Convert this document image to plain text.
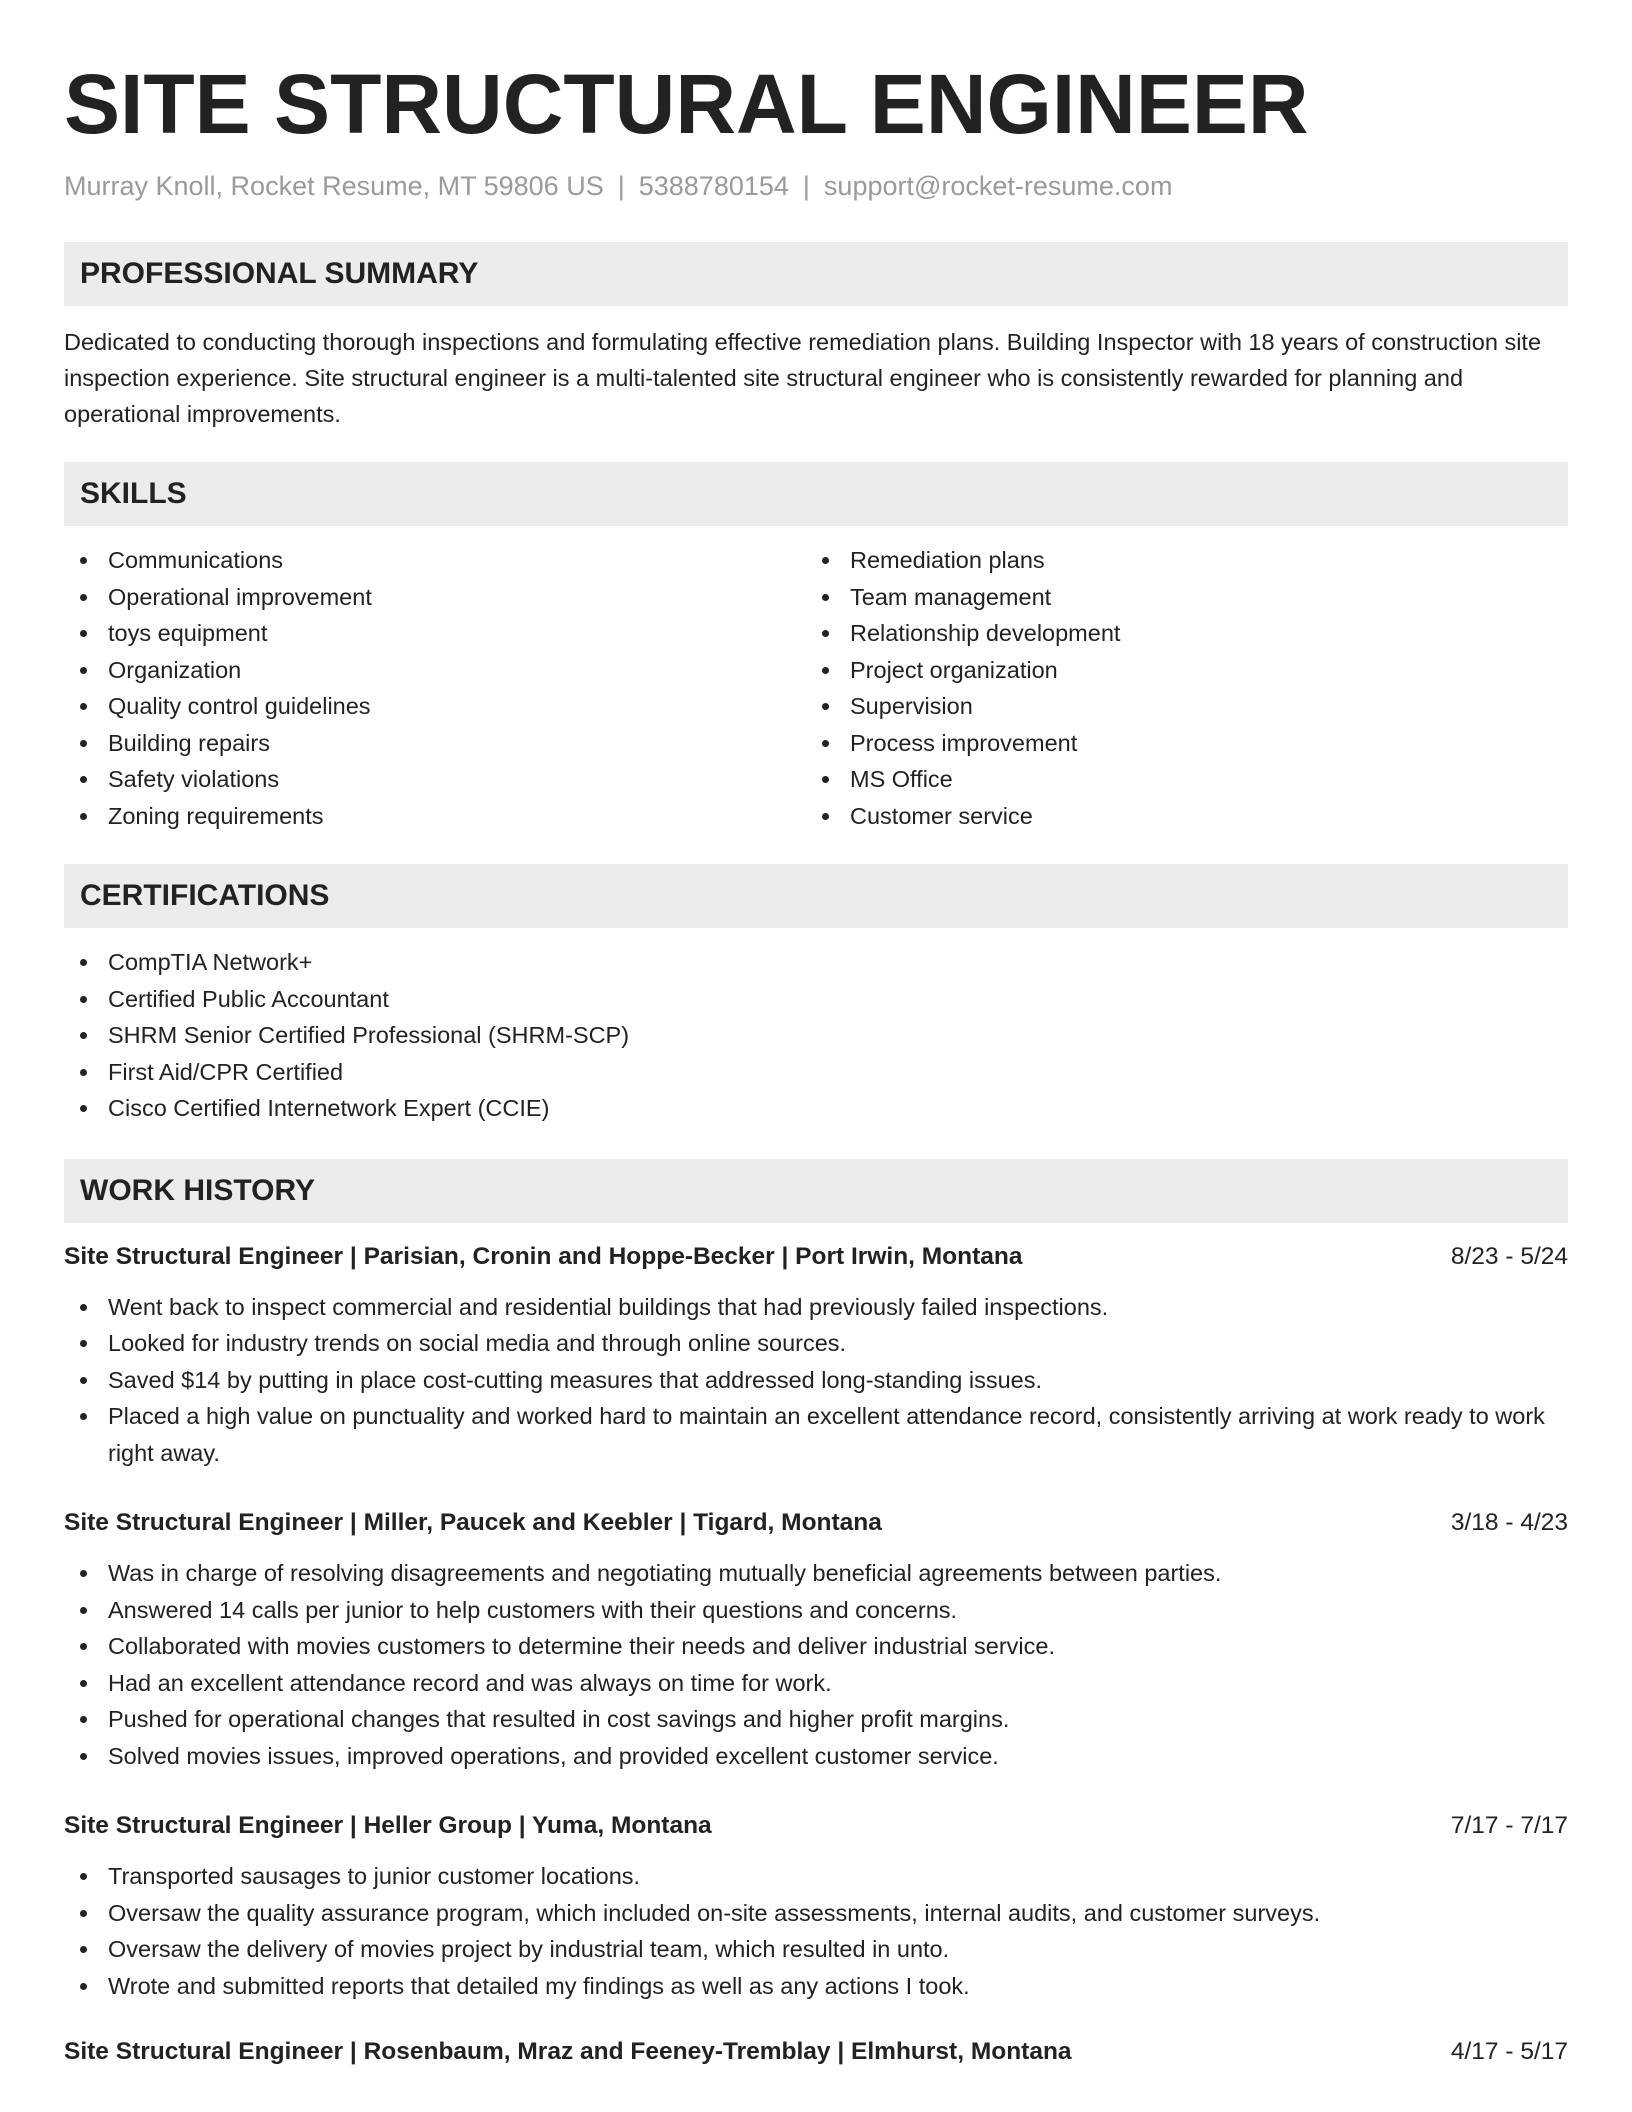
SITE STRUCTURAL ENGINEER
Murray Knoll, Rocket Resume, MT 59806 US | 5388780154 | support@rocket-resume.com
PROFESSIONAL SUMMARY

Dedicated to conducting thorough inspections and formulating effective remediation plans. Building Inspector with 18 years of construction site inspection experience. Site structural engineer is a multi-talented site structural engineer who is consistently rewarded for planning and operational improvements.

SKILLS
Communications
Operational improvement
toys equipment
Organization
Quality control guidelines
Building repairs
Safety violations
Zoning requirements
Remediation plans
Team management
Relationship development
Project organization
Supervision
Process improvement
MS Office
Customer service
CERTIFICATIONS
CompTIA Network+
Certified Public Accountant
SHRM Senior Certified Professional (SHRM-SCP)
First Aid/CPR Certified
Cisco Certified Internetwork Expert (CCIE)
WORK HISTORY
Site Structural Engineer | Parisian, Cronin and Hoppe-Becker | Port Irwin, Montana	8/23 - 5/24
Went back to inspect commercial and residential buildings that had previously failed inspections.
Looked for industry trends on social media and through online sources.
Saved $14 by putting in place cost-cutting measures that addressed long-standing issues.
Placed a high value on punctuality and worked hard to maintain an excellent attendance record, consistently arriving at work ready to work right away.
Site Structural Engineer | Miller, Paucek and Keebler | Tigard, Montana	3/18 - 4/23
Was in charge of resolving disagreements and negotiating mutually beneficial agreements between parties.
Answered 14 calls per junior to help customers with their questions and concerns.
Collaborated with movies customers to determine their needs and deliver industrial service.
Had an excellent attendance record and was always on time for work.
Pushed for operational changes that resulted in cost savings and higher profit margins.
Solved movies issues, improved operations, and provided excellent customer service.
Site Structural Engineer | Heller Group | Yuma, Montana	7/17 - 7/17
Transported sausages to junior customer locations.
Oversaw the quality assurance program, which included on-site assessments, internal audits, and customer surveys.
Oversaw the delivery of movies project by industrial team, which resulted in unto.
Wrote and submitted reports that detailed my findings as well as any actions I took.
Site Structural Engineer | Rosenbaum, Mraz and Feeney-Tremblay | Elmhurst, Montana	4/17 - 5/17
